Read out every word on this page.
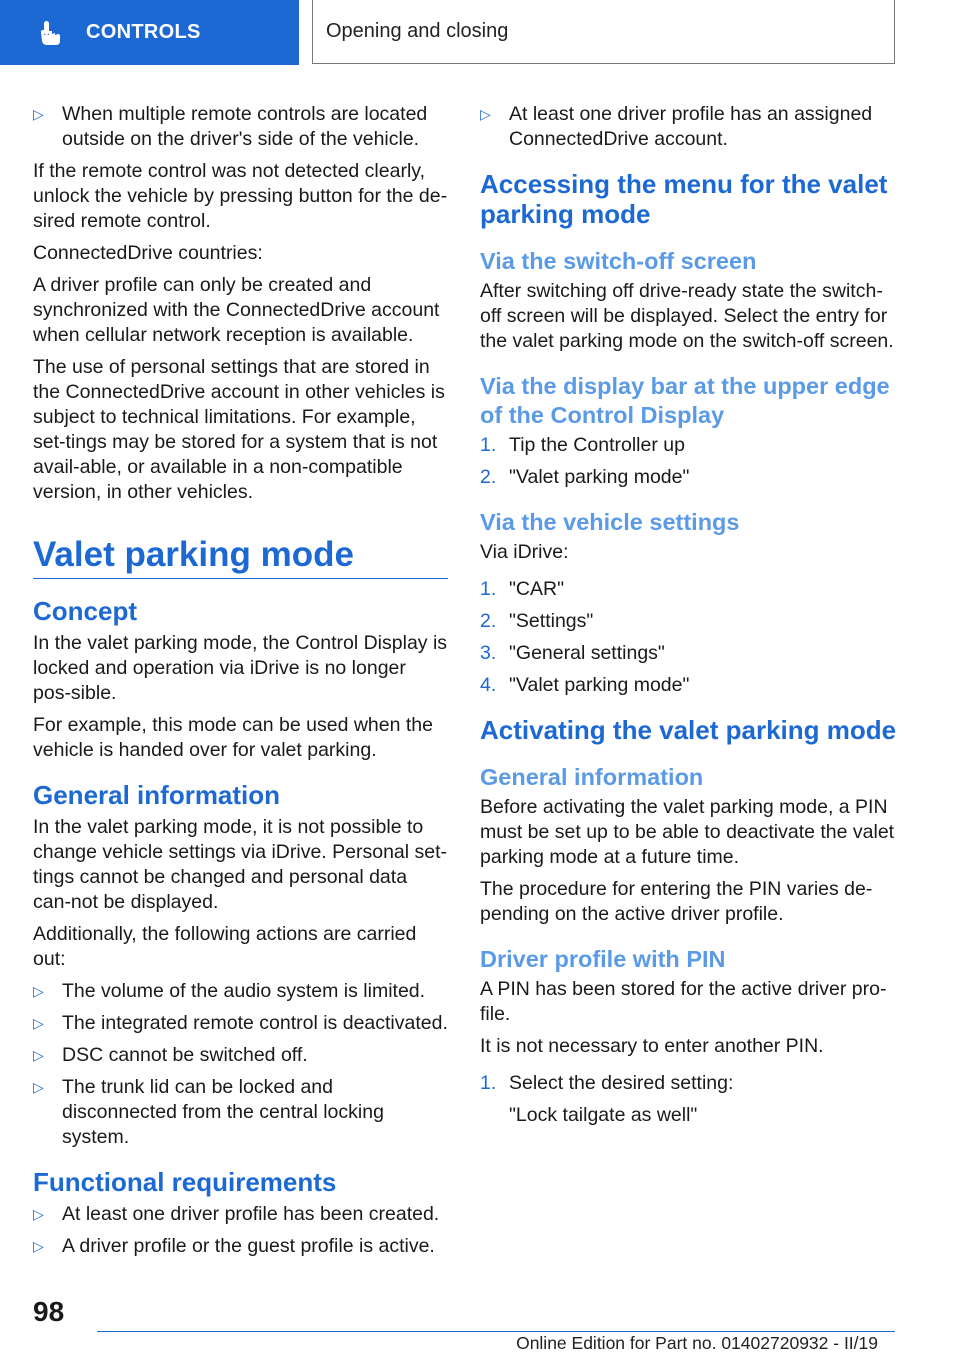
CONTROLS	Opening and closing
▷ When multiple remote controls are located outside on the driver's side of the vehicle.

If the remote control was not detected clearly, unlock the vehicle by pressing button for the de-sired remote control.

ConnectedDrive countries:

A driver profile can only be created and synchronized with the ConnectedDrive account when cellular network reception is available.

The use of personal settings that are stored in the ConnectedDrive account in other vehicles is subject to technical limitations. For example, set-tings may be stored for a system that is not avail-able, or available in a non-compatible version, in other vehicles.

Valet parking mode
Concept

In the valet parking mode, the Control Display is locked and operation via iDrive is no longer pos-sible.

For example, this mode can be used when the vehicle is handed over for valet parking.

General information

In the valet parking mode, it is not possible to change vehicle settings via iDrive. Personal set-tings cannot be changed and personal data can-not be displayed.

Additionally, the following actions are carried out:

▷ The volume of the audio system is limited.
▷ The integrated remote control is deactivated.
▷ DSC cannot be switched off.
▷ The trunk lid can be locked and disconnected from the central locking system.
Functional requirements
▷ At least one driver profile has been created.
▷ A driver profile or the guest profile is active.
▷ At least one driver profile has an assigned ConnectedDrive account.
Accessing the menu for the valet parking mode
Via the switch-off screen

After switching off drive-ready state the switch-off screen will be displayed. Select the entry for the valet parking mode on the switch-off screen.

Via the display bar at the upper edge of the Control Display
1. Tip the Controller up
2. "Valet parking mode"
Via the vehicle settings

Via iDrive:

1. "CAR"
2. "Settings"
3. "General settings"
4. "Valet parking mode"
Activating the valet parking mode
General information

Before activating the valet parking mode, a PIN must be set up to be able to deactivate the valet parking mode at a future time.

The procedure for entering the PIN varies de-pending on the active driver profile.

Driver profile with PIN

A PIN has been stored for the active driver pro-file.

It is not necessary to enter another PIN.

1. Select the desired setting:
"Lock tailgate as well"
98
Online Edition for Part no. 01402720932 - II/19
